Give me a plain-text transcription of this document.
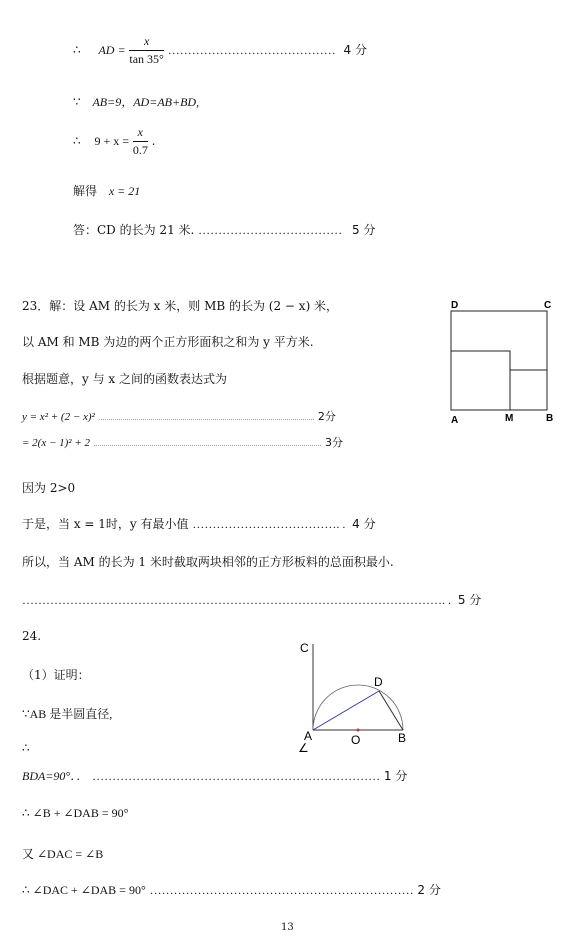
∴ AD = $\frac{x}{\tan 35^\circ}$ …………………………………… 4 分
∵ AB=9，AD=AB+BD,
∴ $9 + x = \frac{x}{0.7}$ .
解得 x = 21
答：CD 的长为 21 米. ……………………………… 5 分
23．解：设 AM 的长为 x 米，则 MB 的长为 (2 − x) 米，
以 AM 和 MB 为边的两个正方形面积之和为 y 平方米.
根据题意，y 与 x 之间的函数表达式为
y = x² + (2 − x)² ……………………………………………………………………………………………… 2分
= 2(x − 1)² + 2 …………………………………………………………………………………………………… 3分
因为 2>0
于是，当 x = 1时，y 有最小值 ………………………………. . 4 分
所以，当 AM 的长为 1 米时截取两块相邻的正方形板料的总面积最小.
……………………………………………………………………………………………. . 5 分
D	C
A	M	B
24.
（1）证明：
∵AB 是半圆直径,
∴
BDA=90°．． ……………………………………………………………… 1 分
∴ ∠B + ∠DAB = 90°
又 ∠DAC = ∠B
∴ ∠DAC + ∠DAB = 90° ………………………………………………………… 2 分
C
D
A	O	B
∠
13
